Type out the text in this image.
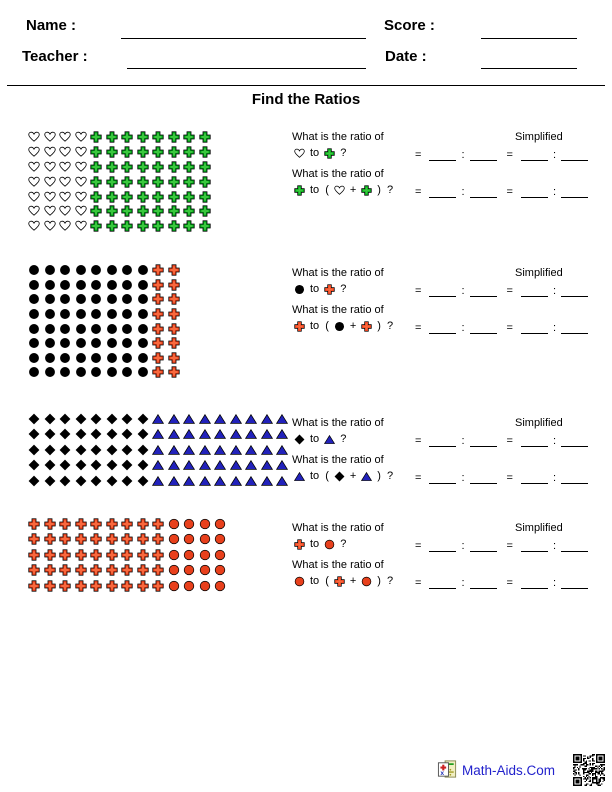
Name :	Score :
Teacher :	Date :
Find the Ratios
What is the ratio of	Simplified
to ?	=	:	=	:
What is the ratio of
to ( + ) ? =	:	=	:
What is the ratio of	Simplified
to ?	=	:	=	:
What is the ratio of
to ( + ) ? =	:	=	:
What is the ratio of	Simplified
to ?	=	:	=	:
What is the ratio of
to ( + ) ? =	:	=	:
What is the ratio of	Simplified
to ?	=	:	=	:
What is the ratio of
to ( + ) ? =	:	=	:
x Math-Aids.Com
